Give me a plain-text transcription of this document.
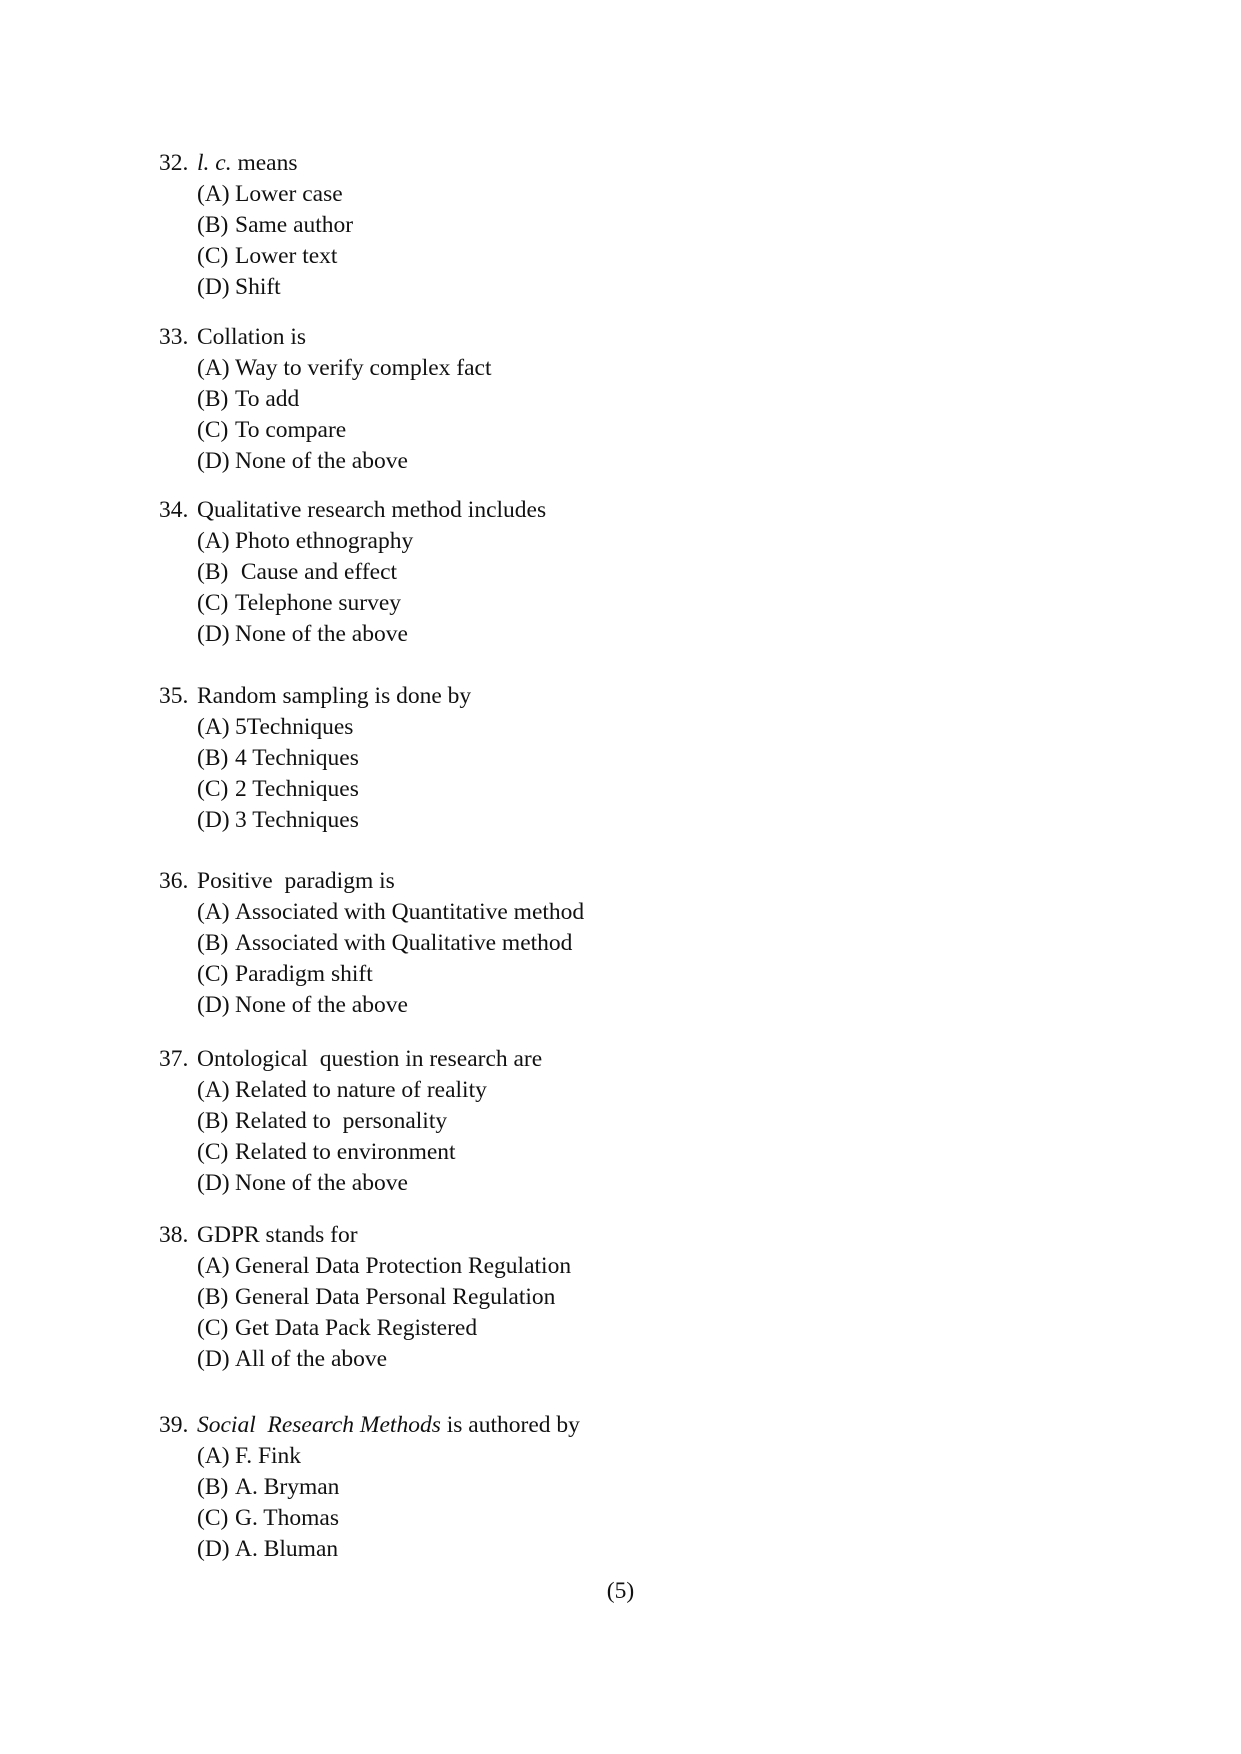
32. l. c. means
(A) Lower case
(B) Same author
(C) Lower text
(D) Shift
33. Collation is
(A) Way to verify complex fact
(B) To add
(C) To compare
(D) None of the above
34. Qualitative research method includes
(A) Photo ethnography
(B) Cause and effect
(C) Telephone survey
(D) None of the above
35. Random sampling is done by
(A) 5Techniques
(B) 4 Techniques
(C) 2 Techniques
(D) 3 Techniques
36. Positive  paradigm is
(A) Associated with Quantitative method
(B) Associated with Qualitative method
(C) Paradigm shift
(D) None of the above
37. Ontological  question in research are
(A) Related to nature of reality
(B) Related to  personality
(C) Related to environment
(D) None of the above
38. GDPR stands for
(A) General Data Protection Regulation
(B) General Data Personal Regulation
(C) Get Data Pack Registered
(D) All of the above
39. Social  Research Methods is authored by
(A) F. Fink
(B) A. Bryman
(C) G. Thomas
(D) A. Bluman
(5)
